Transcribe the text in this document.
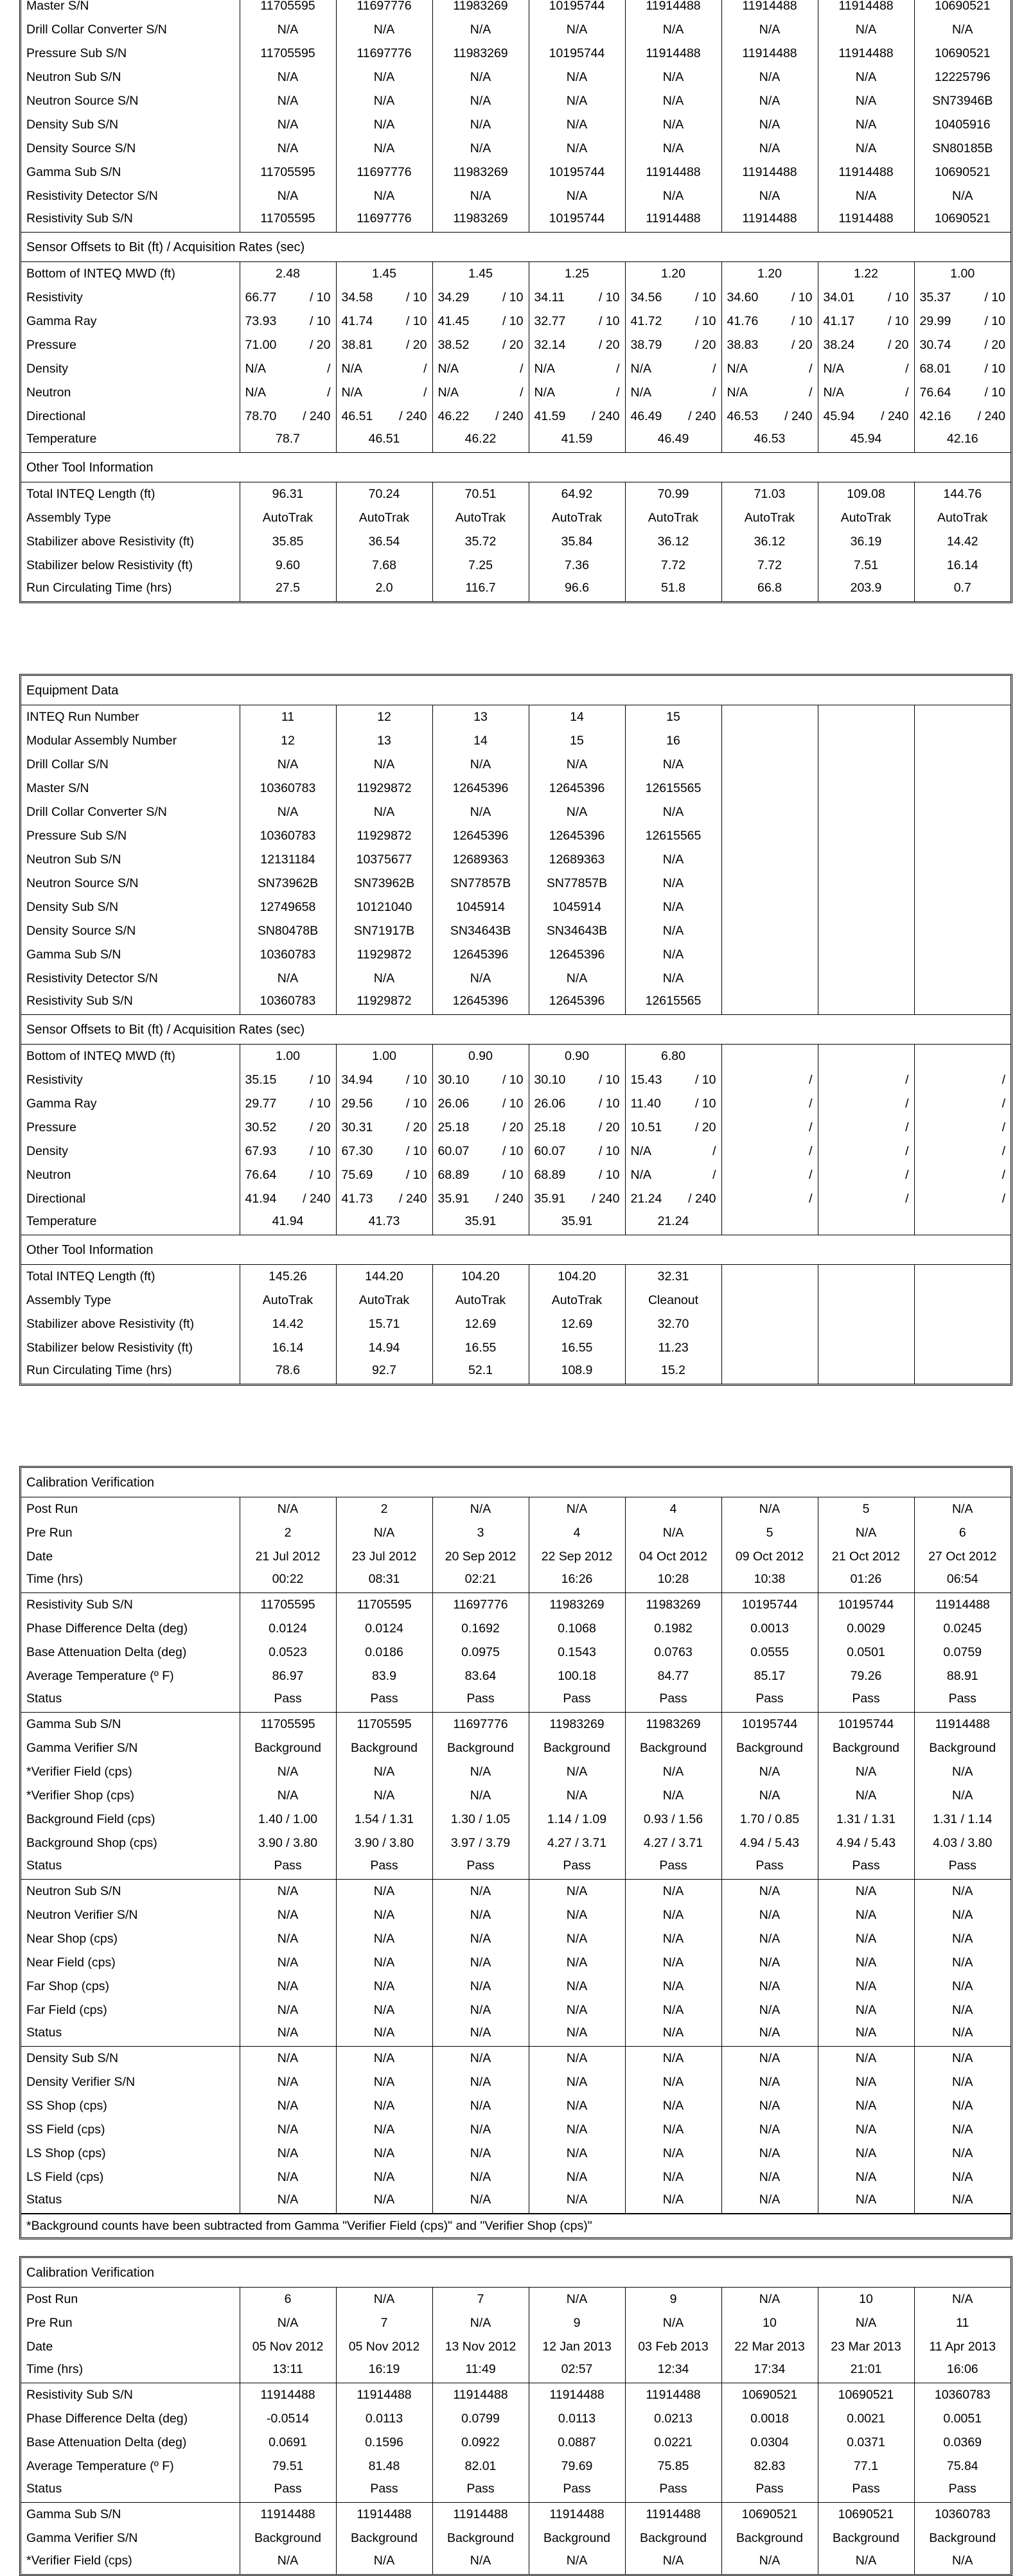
Master S/N	11705595	11697776	11983269	10195744	11914488	11914488	11914488	10690521
Drill Collar Converter S/N	N/A	N/A	N/A	N/A	N/A	N/A	N/A	N/A
Pressure Sub S/N	11705595	11697776	11983269	10195744	11914488	11914488	11914488	10690521
Neutron Sub S/N	N/A	N/A	N/A	N/A	N/A	N/A	N/A	12225796
Neutron Source S/N	N/A	N/A	N/A	N/A	N/A	N/A	N/A	SN73946B
Density Sub S/N	N/A	N/A	N/A	N/A	N/A	N/A	N/A	10405916
Density Source S/N	N/A	N/A	N/A	N/A	N/A	N/A	N/A	SN80185B
Gamma Sub S/N	11705595	11697776	11983269	10195744	11914488	11914488	11914488	10690521
Resistivity Detector S/N	N/A	N/A	N/A	N/A	N/A	N/A	N/A	N/A
Resistivity Sub S/N	11705595	11697776	11983269	10195744	11914488	11914488	11914488	10690521
Sensor Offsets to Bit (ft) / Acquisition Rates (sec)
Bottom of INTEQ MWD (ft)	2.48	1.45	1.45	1.25	1.20	1.20	1.22	1.00
Resistivity	66.77 / 10	34.58 / 10	34.29 / 10	34.11 / 10	34.56 / 10	34.60 / 10	34.01 / 10	35.37 / 10

Gamma Ray	73.93 / 10	41.74 / 10	41.45 / 10	32.77 / 10	41.72 / 10	41.76 / 10	41.17 / 10	29.99 / 10

Pressure	71.00 / 20	38.81 / 20	38.52 / 20	32.14 / 20	38.79 / 20	38.83 / 20	38.24 / 20	30.74 / 20

Density	N/A /	N/A /	N/A /	N/A /	N/A /	N/A /	N/A /	68.01 / 10

Neutron	N/A /	N/A /	N/A /	N/A /	N/A /	N/A /	N/A /	76.64 / 10

Directional	78.70 / 240	46.51 / 240	46.22 / 240	41.59 / 240	46.49 / 240	46.53 / 240	45.94 / 240	42.16 / 240

Temperature	78.7	46.51	46.22	41.59	46.49	46.53	45.94	42.16
Other Tool Information
Total INTEQ Length (ft)	96.31	70.24	70.51	64.92	70.99	71.03	109.08	144.76
Assembly Type	AutoTrak	AutoTrak	AutoTrak	AutoTrak	AutoTrak	AutoTrak	AutoTrak	AutoTrak
Stabilizer above Resistivity (ft)	35.85	36.54	35.72	35.84	36.12	36.12	36.19	14.42
Stabilizer below Resistivity (ft)	9.60	7.68	7.25	7.36	7.72	7.72	7.51	16.14
Run Circulating Time (hrs)	27.5	2.0	116.7	96.6	51.8	66.8	203.9	0.7
Equipment Data
INTEQ Run Number	11	12	13	14	15			
Modular Assembly Number	12	13	14	15	16			
Drill Collar S/N	N/A	N/A	N/A	N/A	N/A			
Master S/N	10360783	11929872	12645396	12645396	12615565			
Drill Collar Converter S/N	N/A	N/A	N/A	N/A	N/A			
Pressure Sub S/N	10360783	11929872	12645396	12645396	12615565			
Neutron Sub S/N	12131184	10375677	12689363	12689363	N/A			
Neutron Source S/N	SN73962B	SN73962B	SN77857B	SN77857B	N/A			
Density Sub S/N	12749658	10121040	1045914	1045914	N/A			
Density Source S/N	SN80478B	SN71917B	SN34643B	SN34643B	N/A			
Gamma Sub S/N	10360783	11929872	12645396	12645396	N/A			
Resistivity Detector S/N	N/A	N/A	N/A	N/A	N/A			
Resistivity Sub S/N	10360783	11929872	12645396	12645396	12615565			
Sensor Offsets to Bit (ft) / Acquisition Rates (sec)
Bottom of INTEQ MWD (ft)	1.00	1.00	0.90	0.90	6.80			
Resistivity	35.15 / 10	34.94 / 10	30.10 / 10	30.10 / 10	15.43 / 10	/	/	/

Gamma Ray	29.77 / 10	29.56 / 10	26.06 / 10	26.06 / 10	11.40 / 10	/	/	/

Pressure	30.52 / 20	30.31 / 20	25.18 / 20	25.18 / 20	10.51 / 20	/	/	/

Density	67.93 / 10	67.30 / 10	60.07 / 10	60.07 / 10	N/A /	/	/	/

Neutron	76.64 / 10	75.69 / 10	68.89 / 10	68.89 / 10	N/A /	/	/	/

Directional	41.94 / 240	41.73 / 240	35.91 / 240	35.91 / 240	21.24 / 240	/	/	/

Temperature	41.94	41.73	35.91	35.91	21.24			
Other Tool Information
Total INTEQ Length (ft)	145.26	144.20	104.20	104.20	32.31			
Assembly Type	AutoTrak	AutoTrak	AutoTrak	AutoTrak	Cleanout			
Stabilizer above Resistivity (ft)	14.42	15.71	12.69	12.69	32.70			
Stabilizer below Resistivity (ft)	16.14	14.94	16.55	16.55	11.23			
Run Circulating Time (hrs)	78.6	92.7	52.1	108.9	15.2			
Calibration Verification
Post Run	N/A	2	N/A	N/A	4	N/A	5	N/A
Pre Run	2	N/A	3	4	N/A	5	N/A	6
Date	21 Jul 2012	23 Jul 2012	20 Sep 2012	22 Sep 2012	04 Oct 2012	09 Oct 2012	21 Oct 2012	27 Oct 2012
Time (hrs)	00:22	08:31	02:21	16:26	10:28	10:38	01:26	06:54
Resistivity Sub S/N	11705595	11705595	11697776	11983269	11983269	10195744	10195744	11914488
Phase Difference Delta (deg)	0.0124	0.0124	0.1692	0.1068	0.1982	0.0013	0.0029	0.0245
Base Attenuation Delta (deg)	0.0523	0.0186	0.0975	0.1543	0.0763	0.0555	0.0501	0.0759
Average Temperature (º F)	86.97	83.9	83.64	100.18	84.77	85.17	79.26	88.91
Status	Pass	Pass	Pass	Pass	Pass	Pass	Pass	Pass
Gamma Sub S/N	11705595	11705595	11697776	11983269	11983269	10195744	10195744	11914488
Gamma Verifier S/N	Background	Background	Background	Background	Background	Background	Background	Background
*Verifier Field (cps)	N/A	N/A	N/A	N/A	N/A	N/A	N/A	N/A
*Verifier Shop (cps)	N/A	N/A	N/A	N/A	N/A	N/A	N/A	N/A
Background Field (cps)	1.40 / 1.00	1.54 / 1.31	1.30 / 1.05	1.14 / 1.09	0.93 / 1.56	1.70 / 0.85	1.31 / 1.31	1.31 / 1.14
Background Shop (cps)	3.90 / 3.80	3.90 / 3.80	3.97 / 3.79	4.27 / 3.71	4.27 / 3.71	4.94 / 5.43	4.94 / 5.43	4.03 / 3.80
Status	Pass	Pass	Pass	Pass	Pass	Pass	Pass	Pass
Neutron Sub S/N	N/A	N/A	N/A	N/A	N/A	N/A	N/A	N/A
Neutron Verifier S/N	N/A	N/A	N/A	N/A	N/A	N/A	N/A	N/A
Near Shop (cps)	N/A	N/A	N/A	N/A	N/A	N/A	N/A	N/A
Near Field (cps)	N/A	N/A	N/A	N/A	N/A	N/A	N/A	N/A
Far Shop (cps)	N/A	N/A	N/A	N/A	N/A	N/A	N/A	N/A
Far Field (cps)	N/A	N/A	N/A	N/A	N/A	N/A	N/A	N/A
Status	N/A	N/A	N/A	N/A	N/A	N/A	N/A	N/A
Density Sub S/N	N/A	N/A	N/A	N/A	N/A	N/A	N/A	N/A
Density Verifier S/N	N/A	N/A	N/A	N/A	N/A	N/A	N/A	N/A
SS Shop (cps)	N/A	N/A	N/A	N/A	N/A	N/A	N/A	N/A
SS Field (cps)	N/A	N/A	N/A	N/A	N/A	N/A	N/A	N/A
LS Shop (cps)	N/A	N/A	N/A	N/A	N/A	N/A	N/A	N/A
LS Field (cps)	N/A	N/A	N/A	N/A	N/A	N/A	N/A	N/A
Status	N/A	N/A	N/A	N/A	N/A	N/A	N/A	N/A
*Background counts have been subtracted from Gamma "Verifier Field (cps)" and "Verifier Shop (cps)"
Calibration Verification
Post Run	6	N/A	7	N/A	9	N/A	10	N/A
Pre Run	N/A	7	N/A	9	N/A	10	N/A	11
Date	05 Nov 2012	05 Nov 2012	13 Nov 2012	12 Jan 2013	03 Feb 2013	22 Mar 2013	23 Mar 2013	11 Apr 2013
Time (hrs)	13:11	16:19	11:49	02:57	12:34	17:34	21:01	16:06
Resistivity Sub S/N	11914488	11914488	11914488	11914488	11914488	10690521	10690521	10360783
Phase Difference Delta (deg)	-0.0514	0.0113	0.0799	0.0113	0.0213	0.0018	0.0021	0.0051
Base Attenuation Delta (deg)	0.0691	0.1596	0.0922	0.0887	0.0221	0.0304	0.0371	0.0369
Average Temperature (º F)	79.51	81.48	82.01	79.69	75.85	82.83	77.1	75.84
Status	Pass	Pass	Pass	Pass	Pass	Pass	Pass	Pass
Gamma Sub S/N	11914488	11914488	11914488	11914488	11914488	10690521	10690521	10360783
Gamma Verifier S/N	Background	Background	Background	Background	Background	Background	Background	Background
*Verifier Field (cps)	N/A	N/A	N/A	N/A	N/A	N/A	N/A	N/A
